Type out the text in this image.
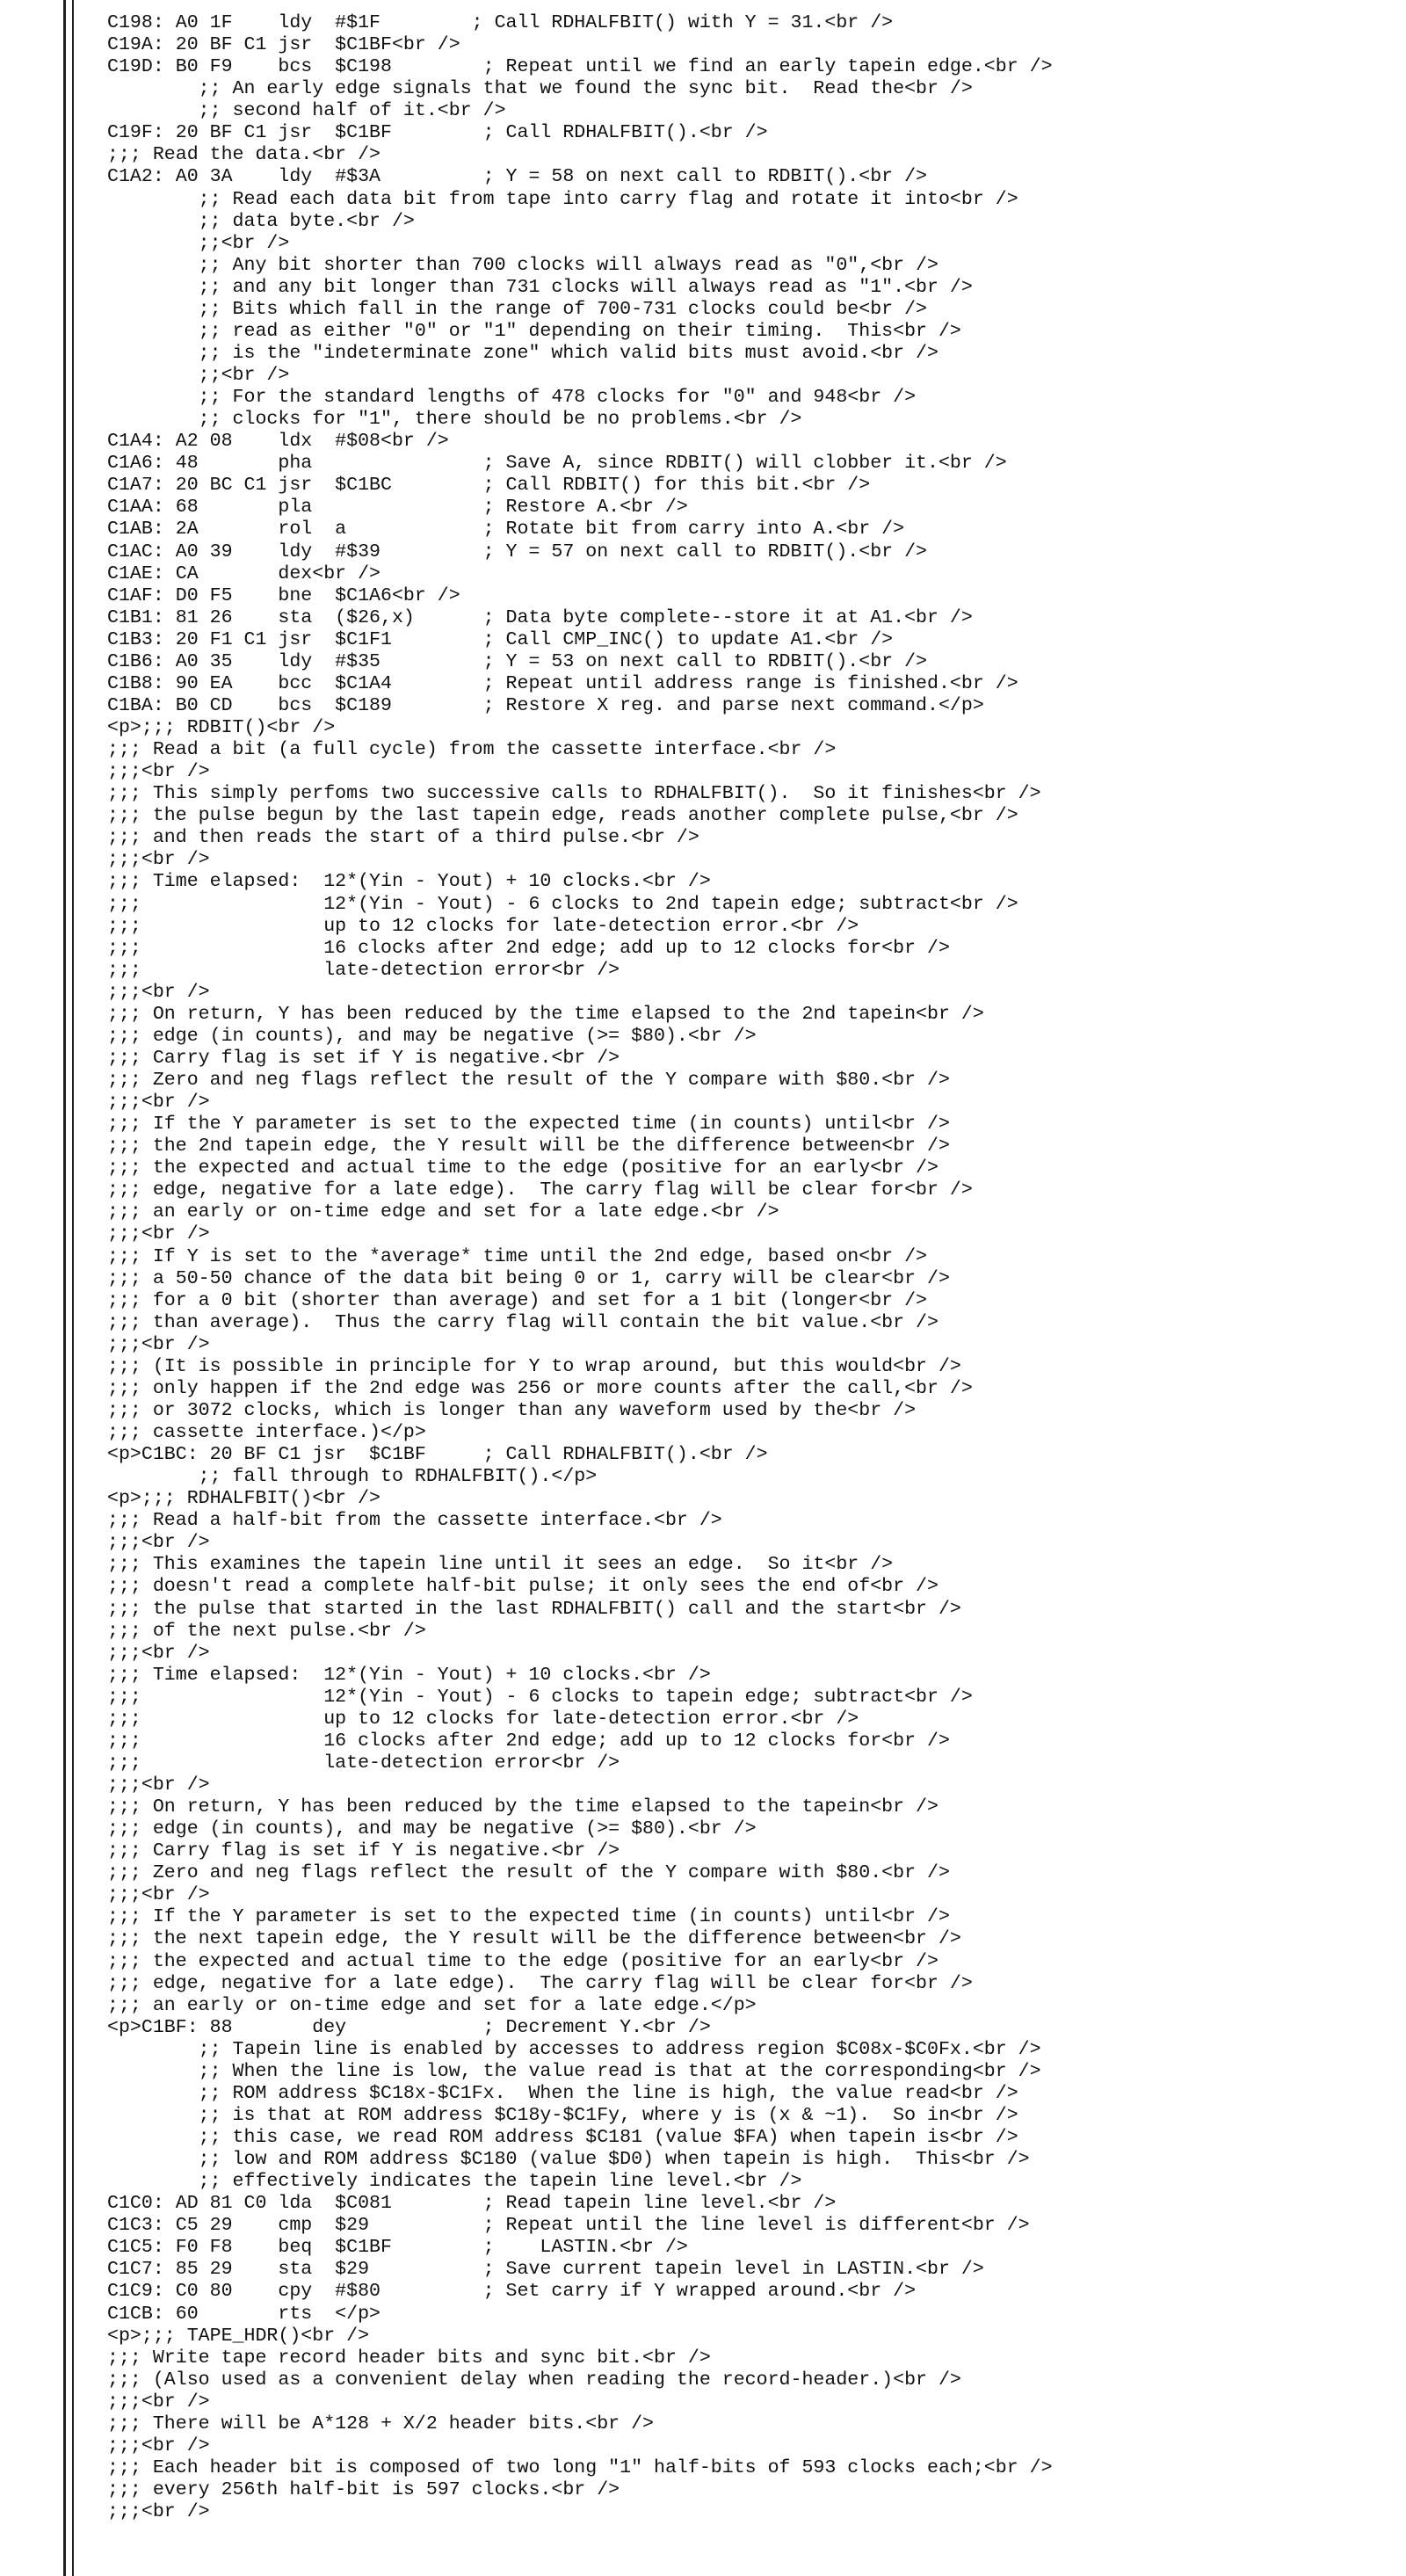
C198: A0 1F    ldy  #$1F        ; Call RDHALFBIT() with Y = 31.<br />
C19A: 20 BF C1 jsr  $C1BF<br />
C19D: B0 F9    bcs  $C198        ; Repeat until we find an early tapein edge.<br />
;; An early edge signals that we found the sync bit.  Read the<br />
;; second half of it.<br />
C19F: 20 BF C1 jsr  $C1BF        ; Call RDHALFBIT().<br />
;;; Read the data.<br />
C1A2: A0 3A    ldy  #$3A         ; Y = 58 on next call to RDBIT().<br />
;; Read each data bit from tape into carry flag and rotate it into<br />
;; data byte.<br />
;;<br />
;; Any bit shorter than 700 clocks will always read as "0",<br />
;; and any bit longer than 731 clocks will always read as "1".<br />
;; Bits which fall in the range of 700-731 clocks could be<br />
;; read as either "0" or "1" depending on their timing.  This<br />
;; is the "indeterminate zone" which valid bits must avoid.<br />
;;<br />
;; For the standard lengths of 478 clocks for "0" and 948<br />
;; clocks for "1", there should be no problems.<br />
C1A4: A2 08    ldx  #$08<br />
C1A6: 48       pha               ; Save A, since RDBIT() will clobber it.<br />
C1A7: 20 BC C1 jsr  $C1BC        ; Call RDBIT() for this bit.<br />
C1AA: 68       pla               ; Restore A.<br />
C1AB: 2A       rol  a            ; Rotate bit from carry into A.<br />
C1AC: A0 39    ldy  #$39         ; Y = 57 on next call to RDBIT().<br />
C1AE: CA       dex<br />
C1AF: D0 F5    bne  $C1A6<br />
C1B1: 81 26    sta  ($26,x)      ; Data byte complete--store it at A1.<br />
C1B3: 20 F1 C1 jsr  $C1F1        ; Call CMP_INC() to update A1.<br />
C1B6: A0 35    ldy  #$35         ; Y = 53 on next call to RDBIT().<br />
C1B8: 90 EA    bcc  $C1A4        ; Repeat until address range is finished.<br />
C1BA: B0 CD    bcs  $C189        ; Restore X reg. and parse next command.</p>
<p>;;; RDBIT()<br />
;;; Read a bit (a full cycle) from the cassette interface.<br />
;;;<br />
;;; This simply perfoms two successive calls to RDHALFBIT().  So it finishes<br />
;;; the pulse begun by the last tapein edge, reads another complete pulse,<br />
;;; and then reads the start of a third pulse.<br />
;;;<br />
;;; Time elapsed:  12*(Yin - Yout) + 10 clocks.<br />
;;;                12*(Yin - Yout) - 6 clocks to 2nd tapein edge; subtract<br />
;;;                up to 12 clocks for late-detection error.<br />
;;;                16 clocks after 2nd edge; add up to 12 clocks for<br />
;;;                late-detection error<br />
;;;<br />
;;; On return, Y has been reduced by the time elapsed to the 2nd tapein<br />
;;; edge (in counts), and may be negative (>= $80).<br />
;;; Carry flag is set if Y is negative.<br />
;;; Zero and neg flags reflect the result of the Y compare with $80.<br />
;;;<br />
;;; If the Y parameter is set to the expected time (in counts) until<br />
;;; the 2nd tapein edge, the Y result will be the difference between<br />
;;; the expected and actual time to the edge (positive for an early<br />
;;; edge, negative for a late edge).  The carry flag will be clear for<br />
;;; an early or on-time edge and set for a late edge.<br />
;;;<br />
;;; If Y is set to the *average* time until the 2nd edge, based on<br />
;;; a 50-50 chance of the data bit being 0 or 1, carry will be clear<br />
;;; for a 0 bit (shorter than average) and set for a 1 bit (longer<br />
;;; than average).  Thus the carry flag will contain the bit value.<br />
;;;<br />
;;; (It is possible in principle for Y to wrap around, but this would<br />
;;; only happen if the 2nd edge was 256 or more counts after the call,<br />
;;; or 3072 clocks, which is longer than any waveform used by the<br />
;;; cassette interface.)</p>
<p>C1BC: 20 BF C1 jsr  $C1BF     ; Call RDHALFBIT().<br />
;; fall through to RDHALFBIT().</p>
<p>;;; RDHALFBIT()<br />
;;; Read a half-bit from the cassette interface.<br />
;;;<br />
;;; This examines the tapein line until it sees an edge.  So it<br />
;;; doesn't read a complete half-bit pulse; it only sees the end of<br />
;;; the pulse that started in the last RDHALFBIT() call and the start<br />
;;; of the next pulse.<br />
;;;<br />
;;; Time elapsed:  12*(Yin - Yout) + 10 clocks.<br />
;;;                12*(Yin - Yout) - 6 clocks to tapein edge; subtract<br />
;;;                up to 12 clocks for late-detection error.<br />
;;;                16 clocks after 2nd edge; add up to 12 clocks for<br />
;;;                late-detection error<br />
;;;<br />
;;; On return, Y has been reduced by the time elapsed to the tapein<br />
;;; edge (in counts), and may be negative (>= $80).<br />
;;; Carry flag is set if Y is negative.<br />
;;; Zero and neg flags reflect the result of the Y compare with $80.<br />
;;;<br />
;;; If the Y parameter is set to the expected time (in counts) until<br />
;;; the next tapein edge, the Y result will be the difference between<br />
;;; the expected and actual time to the edge (positive for an early<br />
;;; edge, negative for a late edge).  The carry flag will be clear for<br />
;;; an early or on-time edge and set for a late edge.</p>
<p>C1BF: 88       dey            ; Decrement Y.<br />
;; Tapein line is enabled by accesses to address region $C08x-$C0Fx.<br />
;; When the line is low, the value read is that at the corresponding<br />
;; ROM address $C18x-$C1Fx.  When the line is high, the value read<br />
;; is that at ROM address $C18y-$C1Fy, where y is (x & ~1).  So in<br />
;; this case, we read ROM address $C181 (value $FA) when tapein is<br />
;; low and ROM address $C180 (value $D0) when tapein is high.  This<br />
;; effectively indicates the tapein line level.<br />
C1C0: AD 81 C0 lda  $C081        ; Read tapein line level.<br />
C1C3: C5 29    cmp  $29          ; Repeat until the line level is different<br />
C1C5: F0 F8    beq  $C1BF        ;    LASTIN.<br />
C1C7: 85 29    sta  $29          ; Save current tapein level in LASTIN.<br />
C1C9: C0 80    cpy  #$80         ; Set carry if Y wrapped around.<br />
C1CB: 60       rts  </p>
<p>;;; TAPE_HDR()<br />
;;; Write tape record header bits and sync bit.<br />
;;; (Also used as a convenient delay when reading the record-header.)<br />
;;;<br />
;;; There will be A*128 + X/2 header bits.<br />
;;;<br />
;;; Each header bit is composed of two long "1" half-bits of 593 clocks each;<br />
;;; every 256th half-bit is 597 clocks.<br />
;;;<br />
